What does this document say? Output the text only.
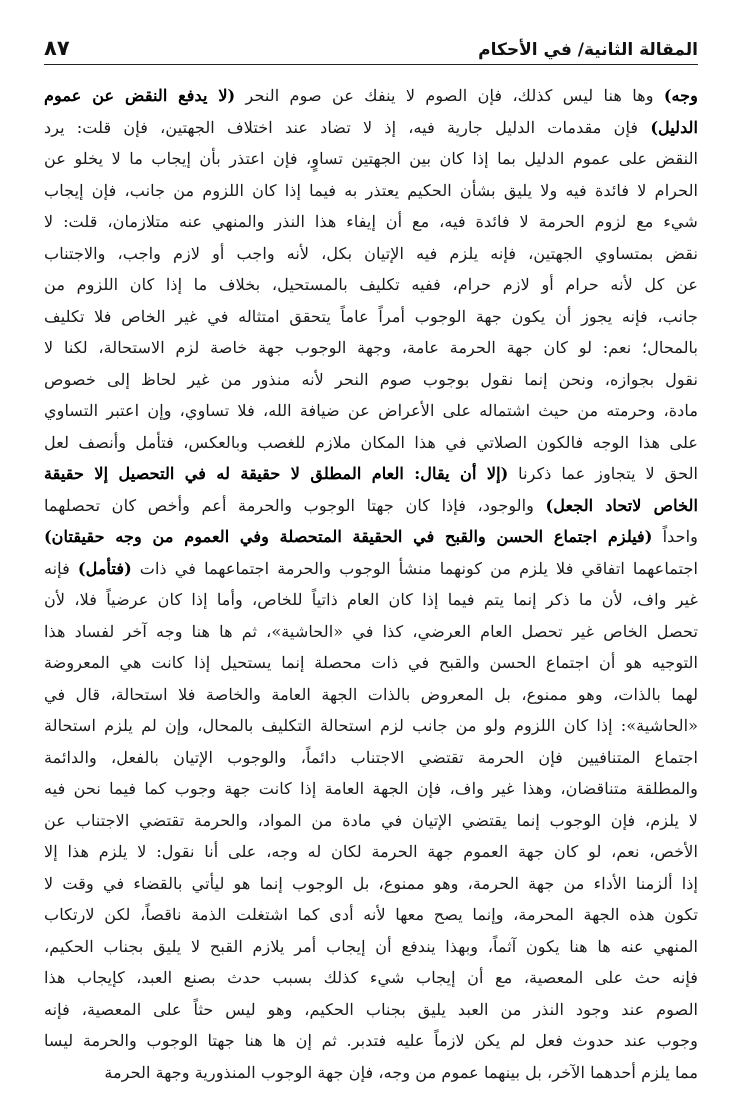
المقالة الثانية/ في الأحكام
٨٧
وجه) وها هنا ليس كذلك، فإن الصوم لا ينفك عن صوم النحر (لا يدفع النقض عن عموم
الدليل) فإن مقدمات الدليل جارية فيه، إذ لا تضاد عند اختلاف الجهتين، فإن قلت: يرد
النقض على عموم الدليل بما إذا كان بين الجهتين تساوٍ، فإن اعتذر بأن إيجاب ما لا يخلو عن
الحرام لا فائدة فيه ولا يليق بشأن الحكيم يعتذر به فيما إذا كان اللزوم من جانب، فإن إيجاب
شيء مع لزوم الحرمة لا فائدة فيه، مع أن إيفاء هذا النذر والمنهي عنه متلازمان، قلت: لا
نقض بمتساوي الجهتين، فإنه يلزم فيه الإتيان بكل، لأنه واجب أو لازم واجب، والاجتناب
عن كل لأنه حرام أو لازم حرام، ففيه تكليف بالمستحيل، بخلاف ما إذا كان اللزوم من
جانب، فإنه يجوز أن يكون جهة الوجوب أمراً عاماً يتحقق امتثاله في غير الخاص فلا تكليف
بالمحال؛ نعم: لو كان جهة الحرمة عامة، وجهة الوجوب جهة خاصة لزم الاستحالة، لكنا لا
نقول بجوازه، ونحن إنما نقول بوجوب صوم النحر لأنه منذور من غير لحاظ إلى خصوص
مادة، وحرمته من حيث اشتماله على الأعراض عن ضيافة الله، فلا تساوي، وإن اعتبر التساوي
على هذا الوجه فالكون الصلاتي في هذا المكان ملازم للغصب وبالعكس، فتأمل وأنصف لعل
الحق لا يتجاوز عما ذكرنا (إلا أن يقال: العام المطلق لا حقيقة له في التحصيل إلا حقيقة
الخاص لاتحاد الجعل) والوجود، فإذا كان جهتا الوجوب والحرمة أعم وأخص كان تحصلهما
واحداً (فيلزم اجتماع الحسن والقبح في الحقيقة المتحصلة وفي العموم من وجه حقيقتان)
اجتماعهما اتفاقي فلا يلزم من كونهما منشأ الوجوب والحرمة اجتماعهما في ذات (فتأمل) فإنه
غير واف، لأن ما ذكر إنما يتم فيما إذا كان العام ذاتياً للخاص، وأما إذا كان عرضياً فلا، لأن
تحصل الخاص غير تحصل العام العرضي، كذا في «الحاشية»، ثم ها هنا وجه آخر لفساد هذا
التوجيه هو أن اجتماع الحسن والقبح في ذات محصلة إنما يستحيل إذا كانت هي المعروضة
لهما بالذات، وهو ممنوع، بل المعروض بالذات الجهة العامة والخاصة فلا استحالة، قال في
«الحاشية»: إذا كان اللزوم ولو من جانب لزم استحالة التكليف بالمحال، وإن لم يلزم استحالة
اجتماع المتنافيين فإن الحرمة تقتضي الاجتناب دائماً، والوجوب الإتيان بالفعل، والدائمة
والمطلقة متناقضان، وهذا غير واف، فإن الجهة العامة إذا كانت جهة وجوب كما فيما نحن فيه
لا يلزم، فإن الوجوب إنما يقتضي الإتيان في مادة من المواد، والحرمة تقتضي الاجتناب عن
الأخص، نعم، لو كان جهة العموم جهة الحرمة لكان له وجه، على أنا نقول: لا يلزم هذا إلا
إذا ألزمنا الأداء من جهة الحرمة، وهو ممنوع، بل الوجوب إنما هو ليأتي بالقضاء في وقت لا
تكون هذه الجهة المحرمة، وإنما يصح معها لأنه أدى كما اشتغلت الذمة ناقصاً، لكن لارتكاب
المنهي عنه ها هنا يكون آثماً، وبهذا يندفع أن إيجاب أمر يلازم القبح لا يليق بجناب الحكيم،
فإنه حث على المعصية، مع أن إيجاب شيء كذلك بسبب حدث بصنع العبد، كإيجاب هذا
الصوم عند وجود النذر من العبد يليق بجناب الحكيم، وهو ليس حثاً على المعصية، فإنه
وجوب عند حدوث فعل لم يكن لازماً عليه فتدبر. ثم إن ها هنا جهتا الوجوب والحرمة ليسا
مما يلزم أحدهما الآخر، بل بينهما عموم من وجه، فإن جهة الوجوب المنذورية وجهة الحرمة
